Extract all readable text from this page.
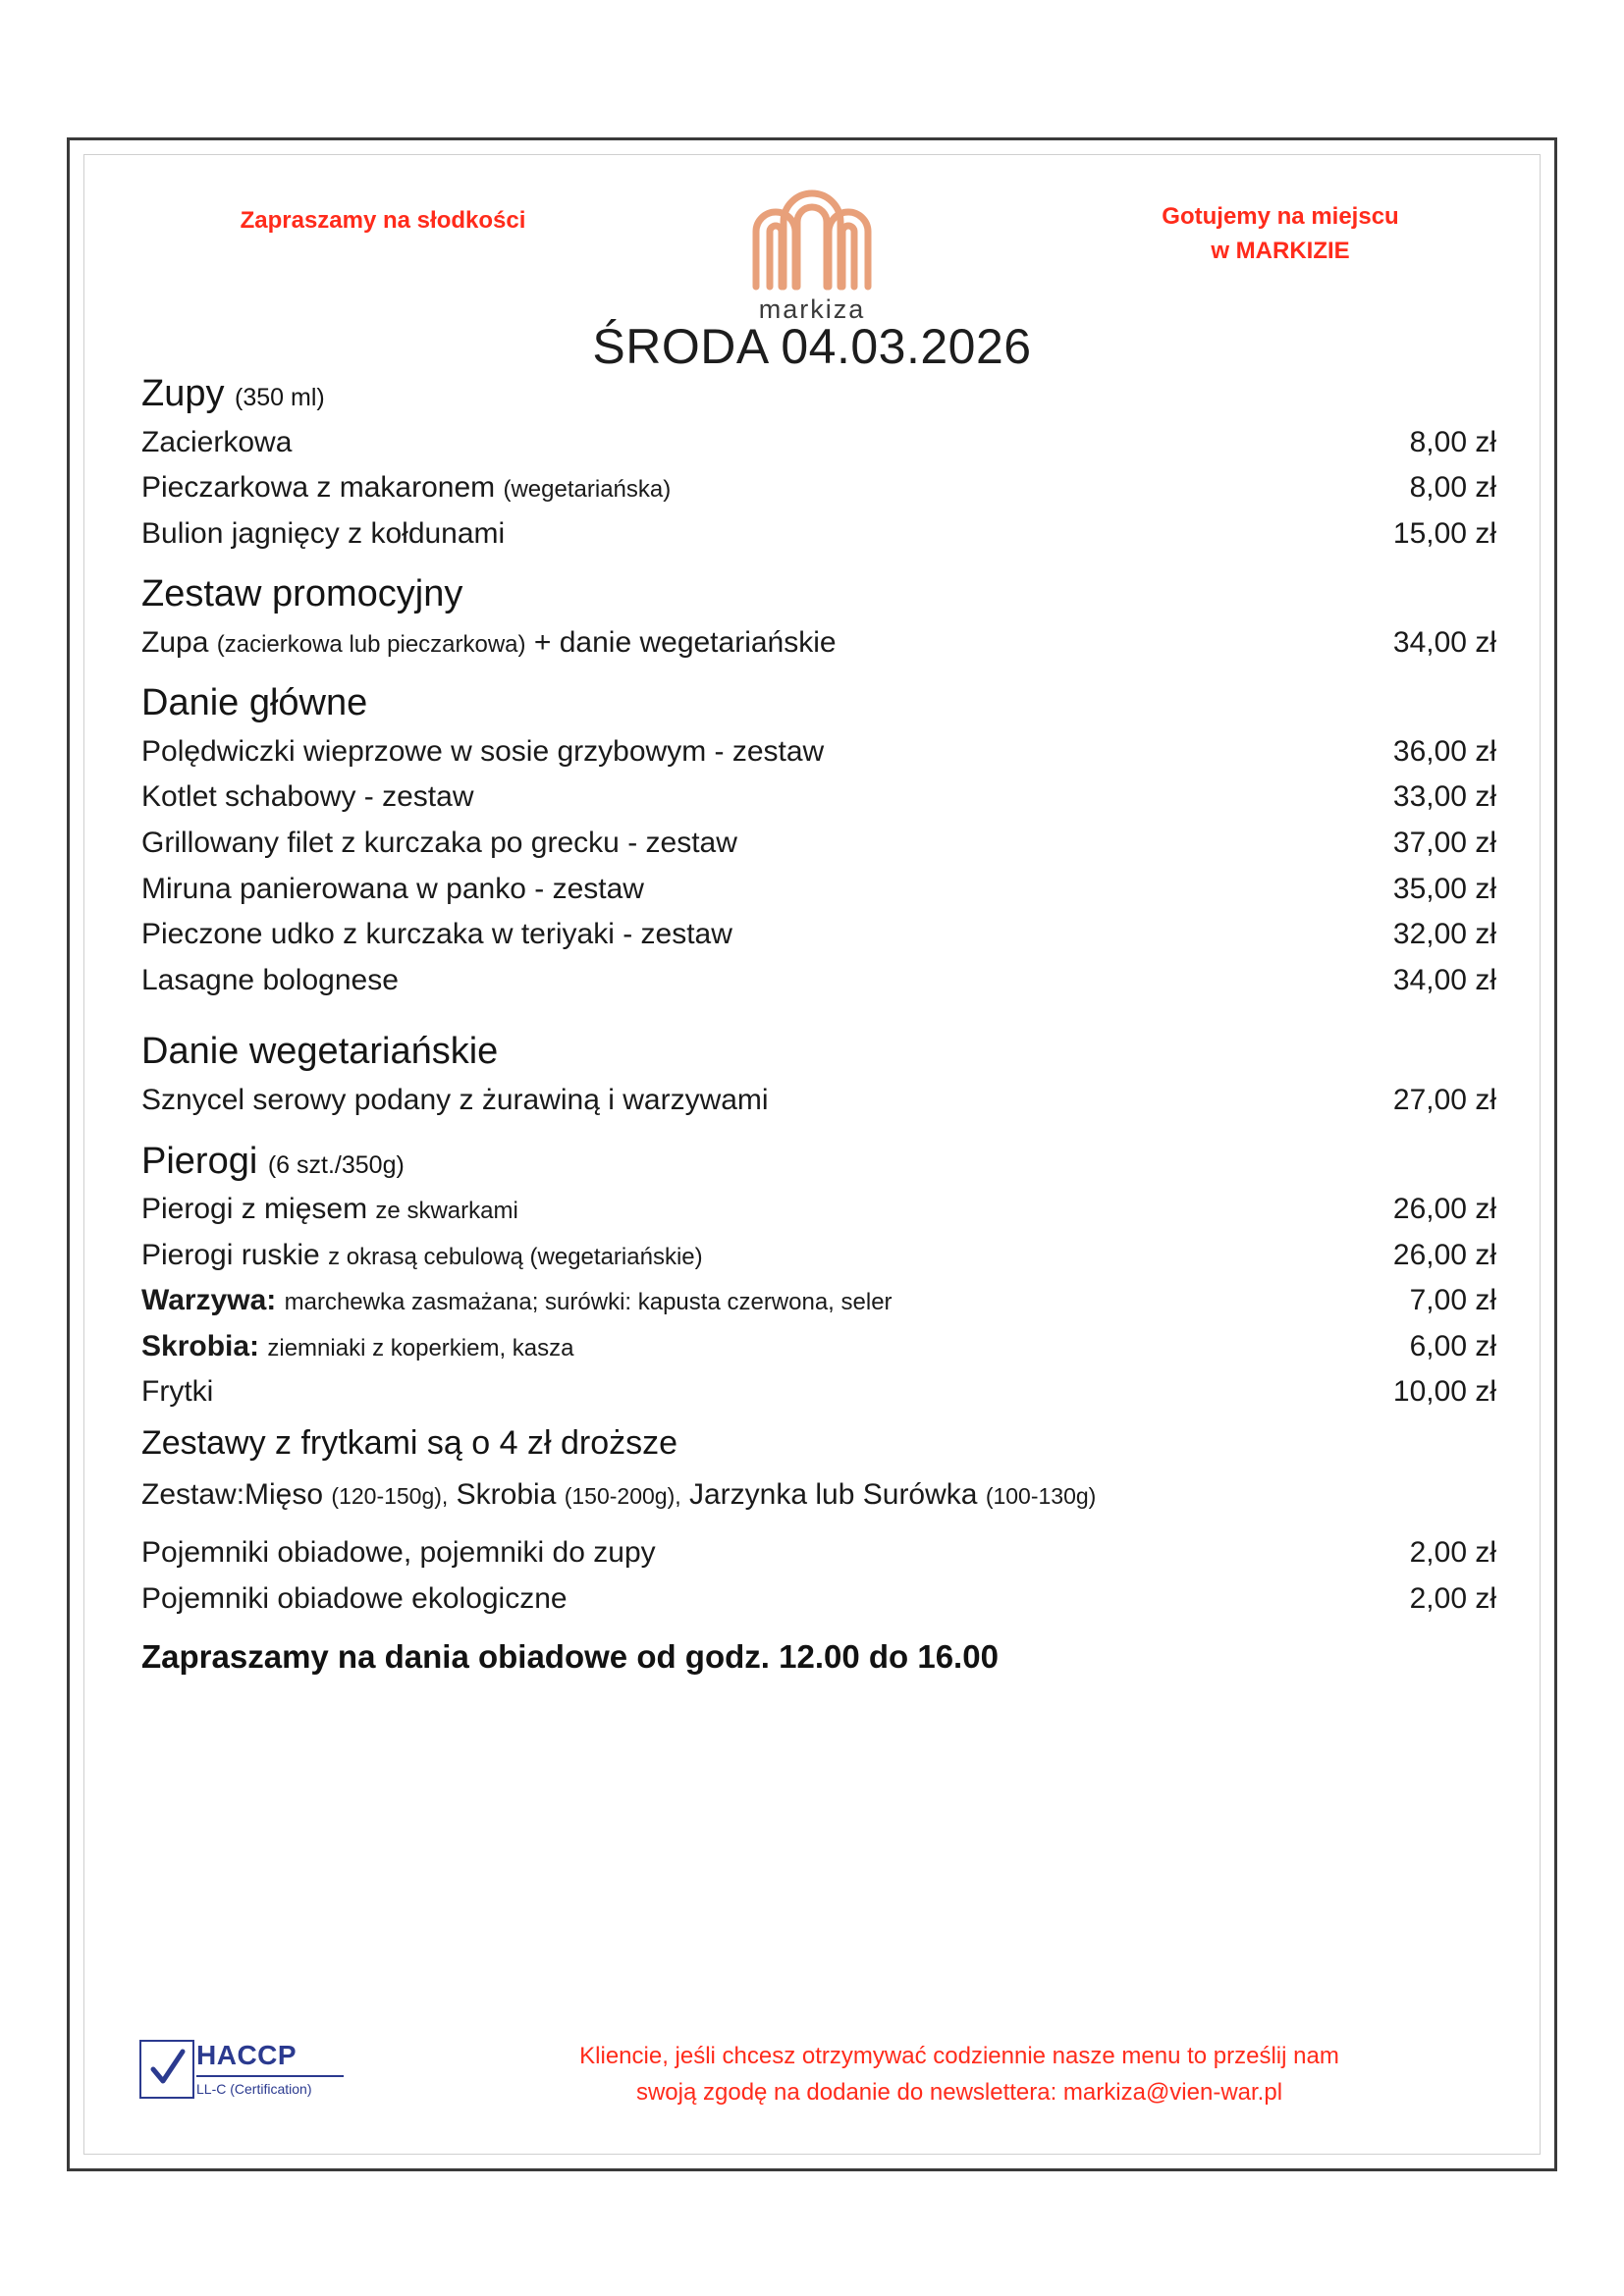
Zapraszamy na słodkości
markiza
Gotujemy na miejscu
w MARKIZIE
ŚRODA 04.03.2026
Zupy (350 ml)
Zacierkowa	8,00 zł
Pieczarkowa z makaronem (wegetariańska)	8,00 zł
Bulion jagnięcy z kołdunami	15,00 zł
Zestaw promocyjny
Zupa (zacierkowa lub pieczarkowa) + danie wegetariańskie	34,00 zł
Danie główne
Polędwiczki wieprzowe w sosie grzybowym - zestaw	36,00 zł
Kotlet schabowy - zestaw	33,00 zł
Grillowany filet z kurczaka po grecku - zestaw	37,00 zł
Miruna panierowana w panko - zestaw	35,00 zł
Pieczone udko z kurczaka w teriyaki - zestaw	32,00 zł
Lasagne bolognese	34,00 zł
Danie wegetariańskie
Sznycel serowy podany z żurawiną i warzywami	27,00 zł
Pierogi (6 szt./350g)
Pierogi z mięsem ze skwarkami	26,00 zł
Pierogi ruskie z okrasą cebulową (wegetariańskie)	26,00 zł
Warzywa: marchewka zasmażana; surówki: kapusta czerwona, seler	7,00 zł
Skrobia: ziemniaki z koperkiem, kasza	6,00 zł
Frytki	10,00 zł
Zestawy z frytkami są o 4 zł droższe
Zestaw:Mięso (120-150g), Skrobia (150-200g), Jarzynka lub Surówka (100-130g)
Pojemniki obiadowe, pojemniki do zupy	2,00 zł
Pojemniki obiadowe ekologiczne	2,00 zł
Zapraszamy na dania obiadowe od godz. 12.00 do 16.00
HACCP
LL-C (Certification)
Kliencie, jeśli chcesz otrzymywać codziennie nasze menu to prześlij nam
swoją zgodę na dodanie do newslettera: markiza@vien-war.pl
